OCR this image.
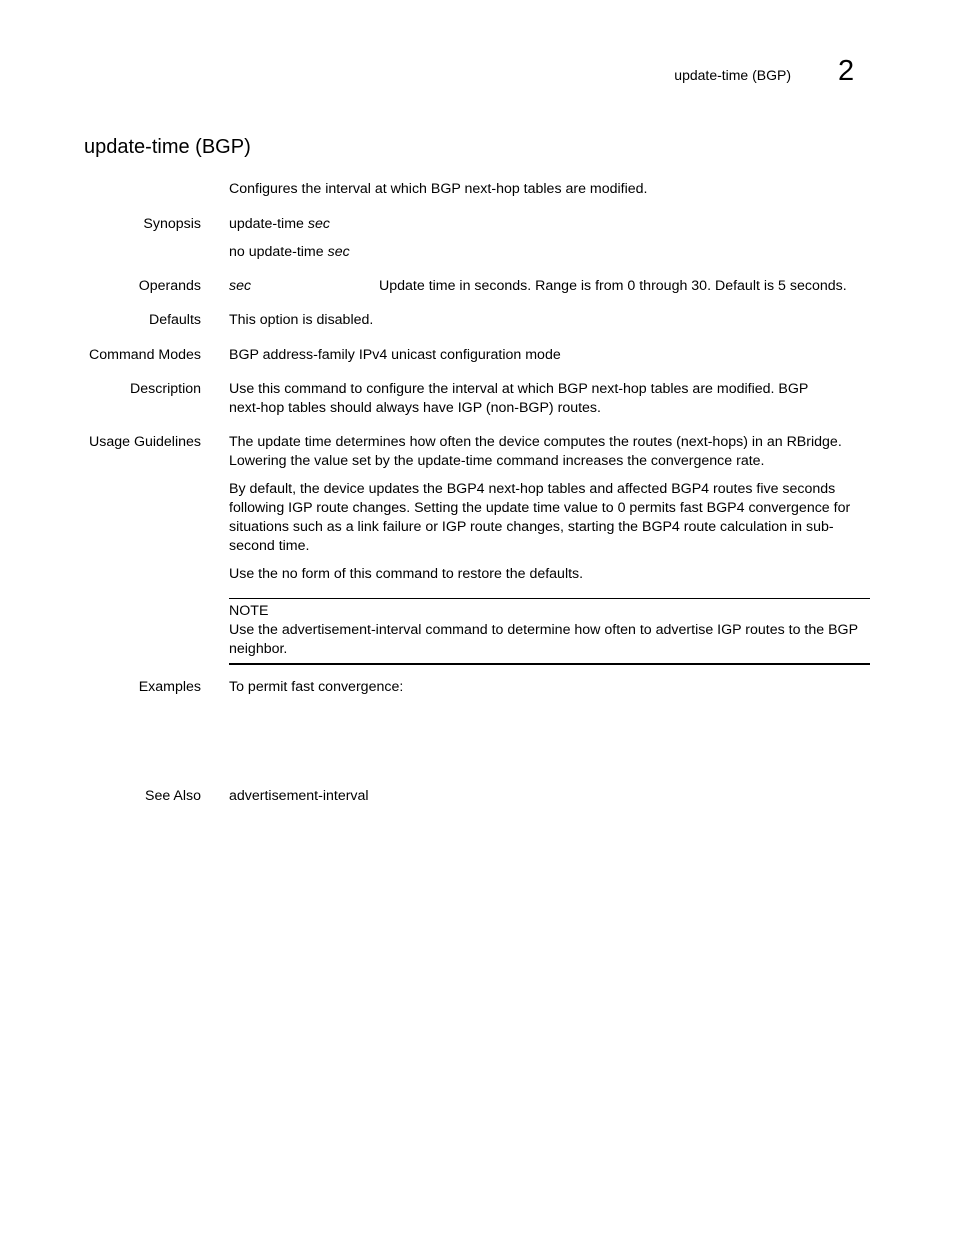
update-time (BGP) 2
update-time (BGP)
Configures the interval at which BGP next-hop tables are modified.
Synopsis update-time sec

no update-time sec

Operands sec	Update time in seconds. Range is from 0 through 30. Default is 5 seconds.
Defaults This option is disabled.
Command Modes BGP address-family IPv4 unicast configuration mode
Description Use this command to configure the interval at which BGP next-hop tables are modified. BGP next-hop tables should always have IGP (non-BGP) routes.
Usage Guidelines The update time determines how often the device computes the routes (next-hops) in an RBridge. Lowering the value set by the update-time command increases the convergence rate.

By default, the device updates the BGP4 next-hop tables and affected BGP4 routes five seconds following IGP route changes. Setting the update time value to 0 permits fast BGP4 convergence for situations such as a link failure or IGP route changes, starting the BGP4 route calculation in sub-second time.

Use the no form of this command to restore the defaults.

NOTE

Use the advertisement-interval command to determine how often to advertise IGP routes to the BGP neighbor.

Examples To permit fast convergence:
See Also advertisement-interval
